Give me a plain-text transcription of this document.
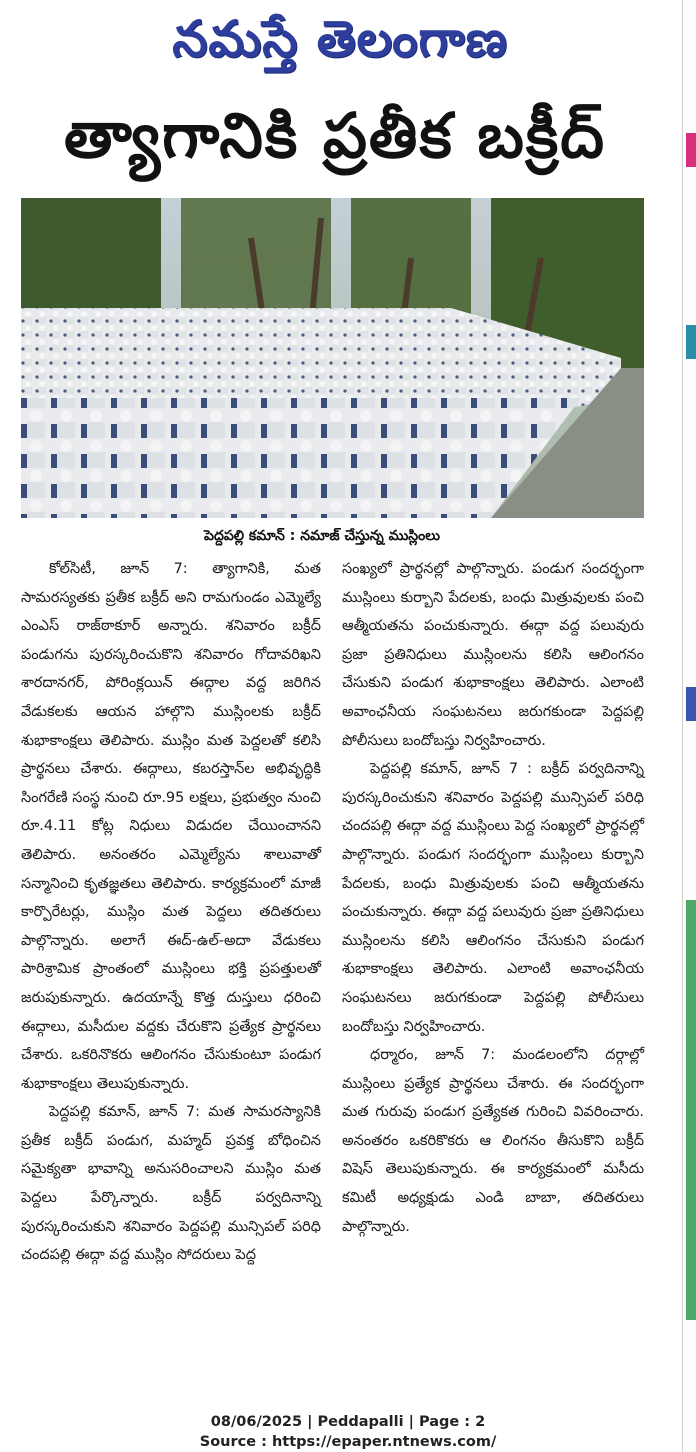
నమస్తే తెలంగాణ
త్యాగానికి ప్రతీక బక్రీద్
పెద్దపల్లి కమాన్ : నమాజ్ చేస్తున్న ముస్లింలు

కోల్‌సిటీ, జూన్ 7: త్యాగానికి, మత సామరస్యతకు ప్రతీక బక్రీద్ అని రామగుండం ఎమ్మెల్యే ఎంఎస్ రాజ్‌ఠాకూర్ అన్నారు. శనివారం బక్రీద్ పండుగను పురస్కరించుకొని శనివారం గోదావరిఖని శారదానగర్, పోరింక్లయిన్ ఈద్గాల వద్ద జరిగిన వేడుకలకు ఆయన హాల్గొని ముస్లింలకు బక్రీద్ శుభాకాంక్షలు తెలిపారు. ముస్లిం మత పెద్దలతో కలిసి ప్రార్థనలు చేశారు. ఈద్గాలు, కబరస్తాన్‌ల అభివృద్ధికి సింగరేణి సంస్థ నుంచి రూ.95 లక్షలు, ప్రభుత్వం నుంచి రూ.4.11 కోట్ల నిధులు విడుదల చేయించానని తెలిపారు. అనంతరం ఎమ్మెల్యేను శాలువాతో సన్మానించి కృతజ్ఞతలు తెలిపారు. కార్యక్రమంలో మాజీ కార్పొరేటర్లు, ముస్లిం మత పెద్దలు తదితరులు పాల్గొన్నారు. అలాగే ఈద్-ఉల్-అదా వేడుకలు పారిశ్రామిక ప్రాంతంలో ముస్లింలు భక్తి ప్రపత్తులతో జరుపుకున్నారు. ఉదయాన్నే కొత్త దుస్తులు ధరించి ఈద్గాలు, మసీదుల వద్దకు చేరుకొని ప్రత్యేక ప్రార్థనలు చేశారు. ఒకరినొకరు ఆలింగనం చేసుకుంటూ పండుగ శుభాకాంక్షలు తెలుపుకున్నారు.

పెద్దపల్లి కమాన్, జూన్ 7: మత సామరస్యానికి ప్రతీక బక్రీద్ పండుగ, మహ్మద్ ప్రవక్త బోధించిన సమైక్యతా భావాన్ని అనుసరించాలని ముస్లిం మత పెద్దలు పేర్కొన్నారు. బక్రీద్ పర్వదినాన్ని పురస్కరించుకుని శనివారం పెద్దపల్లి మున్సిపల్ పరిధి చందపల్లి ఈద్గా వద్ద ముస్లిం సోదరులు పెద్ద

సంఖ్యలో ప్రార్థనల్లో పాల్గొన్నారు. పండుగ సందర్భంగా ముస్లింలు కుర్బాని పేదలకు, బంధు మిత్రువులకు పంచి ఆత్మీయతను పంచుకున్నారు. ఈద్గా వద్ద పలువురు ప్రజా ప్రతినిధులు ముస్లింలను కలిసి ఆలింగనం చేసుకుని పండుగ శుభాకాంక్షలు తెలిపారు. ఎలాంటి అవాంఛనీయ సంఘటనలు జరుగకుండా పెద్దపల్లి పోలీసులు బందోబస్తు నిర్వహించారు.

పెద్దపల్లి కమాన్, జూన్ 7 : బక్రీద్ పర్వదినాన్ని పురస్కరించుకుని శనివారం పెద్దపల్లి మున్సిపల్ పరిధి చందపల్లి ఈద్గా వద్ద ముస్లింలు పెద్ద సంఖ్యలో ప్రార్థనల్లో పాల్గొన్నారు. పండుగ సందర్భంగా ముస్లింలు కుర్బాని పేదలకు, బంధు మిత్రువులకు పంచి ఆత్మీయతను పంచుకున్నారు. ఈద్గా వద్ద పలువురు ప్రజా ప్రతినిధులు ముస్లింలను కలిసి ఆలింగనం చేసుకుని పండుగ శుభాకాంక్షలు తెలిపారు. ఎలాంటి అవాంఛనీయ సంఘటనలు జరుగకుండా పెద్దపల్లి పోలీసులు బందోబస్తు నిర్వహించారు.

ధర్మారం, జూన్ 7: మండలంలోని దర్గాల్లో ముస్లింలు ప్రత్యేక ప్రార్థనలు చేశారు. ఈ సందర్భంగా మత గురువు పండుగ ప్రత్యేకత గురించి వివరించారు. అనంతరం ఒకరికొకరు ఆ లింగనం తీసుకొని బక్రీద్ విషెస్ తెలుపుకున్నారు. ఈ కార్యక్రమంలో మసీదు కమిటీ అధ్యక్షుడు ఎండి బాబా, తదితరులు పాల్గొన్నారు.

08/06/2025 | Peddapalli | Page : 2
Source : https://epaper.ntnews.com/
